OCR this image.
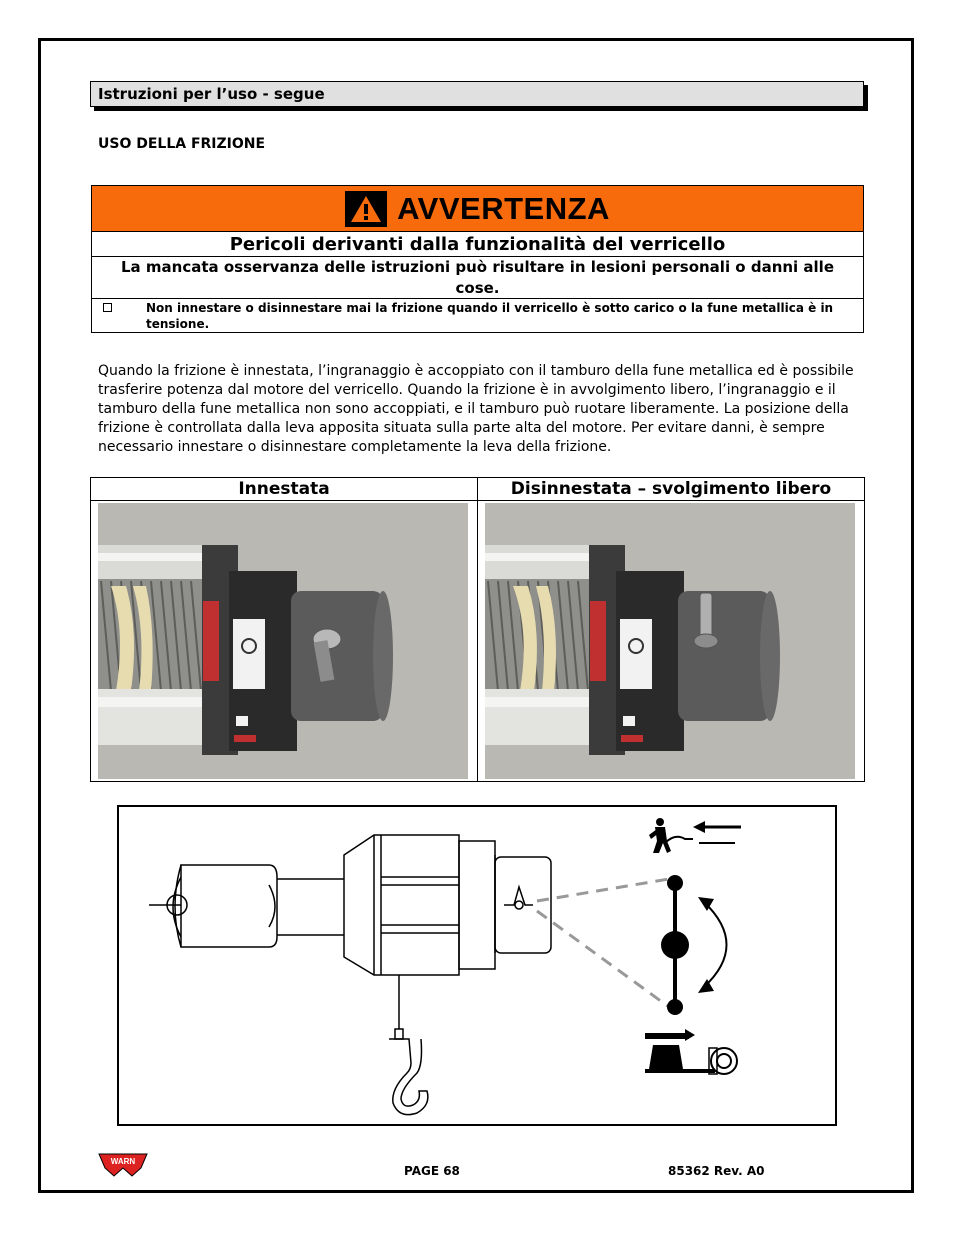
Istruzioni per l’uso - segue
USO DELLA FRIZIONE
AVVERTENZA
Pericoli derivanti dalla funzionalità del verricello
La mancata osservanza delle istruzioni può risultare in lesioni personali o danni alle cose.
Non innestare o disinnestare mai la frizione quando il verricello è sotto carico o la fune metallica è in tensione.
Quando la frizione è innestata, l’ingranaggio è accoppiato con il tamburo della fune metallica ed è possibile trasferire potenza dal motore del verricello. Quando la frizione è in avvolgimento libero, l’ingranaggio e il tamburo della fune metallica non sono accoppiati, e il tamburo può ruotare liberamente. La posizione della frizione è controllata dalla leva apposita situata sulla parte alta del motore. Per evitare danni, è sempre necessario innestare o disinnestare completamente la leva della frizione.
Innestata	Disinnestata – svolgimento libero
WARN
PAGE 68	85362 Rev. A0
